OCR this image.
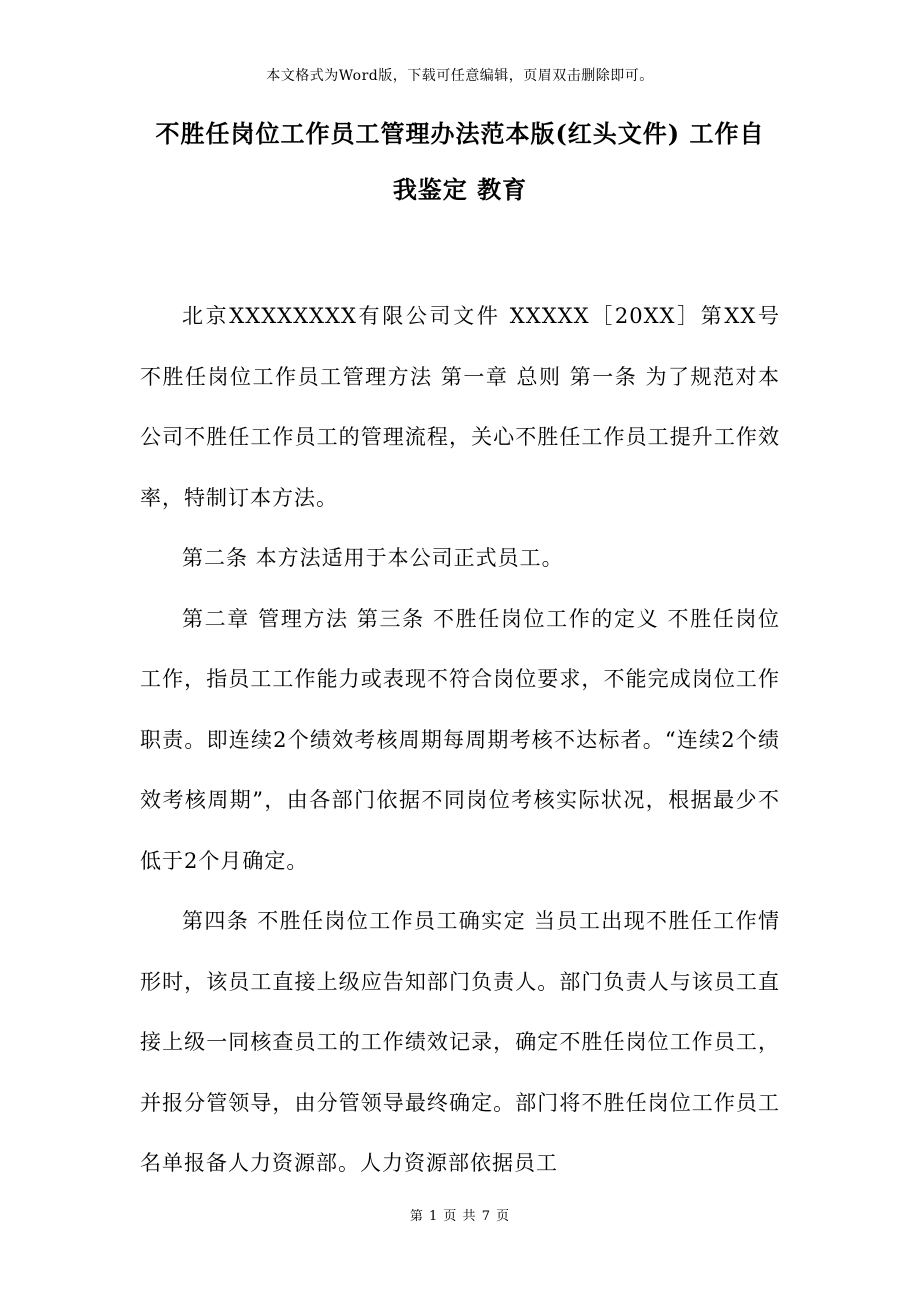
本文格式为Word版，下载可任意编辑，页眉双击删除即可。
不胜任岗位工作员工管理办法范本版(红头文件) 工作自
我鉴定 教育

北京XXXXXXXX有限公司文件 XXXXX［20XX］第XX号 不胜任岗位工作员工管理方法 第一章 总则 第一条 为了规范对本公司不胜任工作员工的管理流程，关心不胜任工作员工提升工作效率，特制订本方法。

第二条 本方法适用于本公司正式员工。

第二章 管理方法 第三条 不胜任岗位工作的定义 不胜任岗位工作，指员工工作能力或表现不符合岗位要求，不能完成岗位工作职责。即连续2个绩效考核周期每周期考核不达标者。“连续2个绩效考核周期”，由各部门依据不同岗位考核实际状况，根据最少不低于2个月确定。

第四条 不胜任岗位工作员工确实定 当员工出现不胜任工作情形时，该员工直接上级应告知部门负责人。部门负责人与该员工直接上级一同核查员工的工作绩效记录，确定不胜任岗位工作员工，并报分管领导，由分管领导最终确定。部门将不胜任岗位工作员工名单报备人力资源部。人力资源部依据员工

第 1 页 共 7 页
